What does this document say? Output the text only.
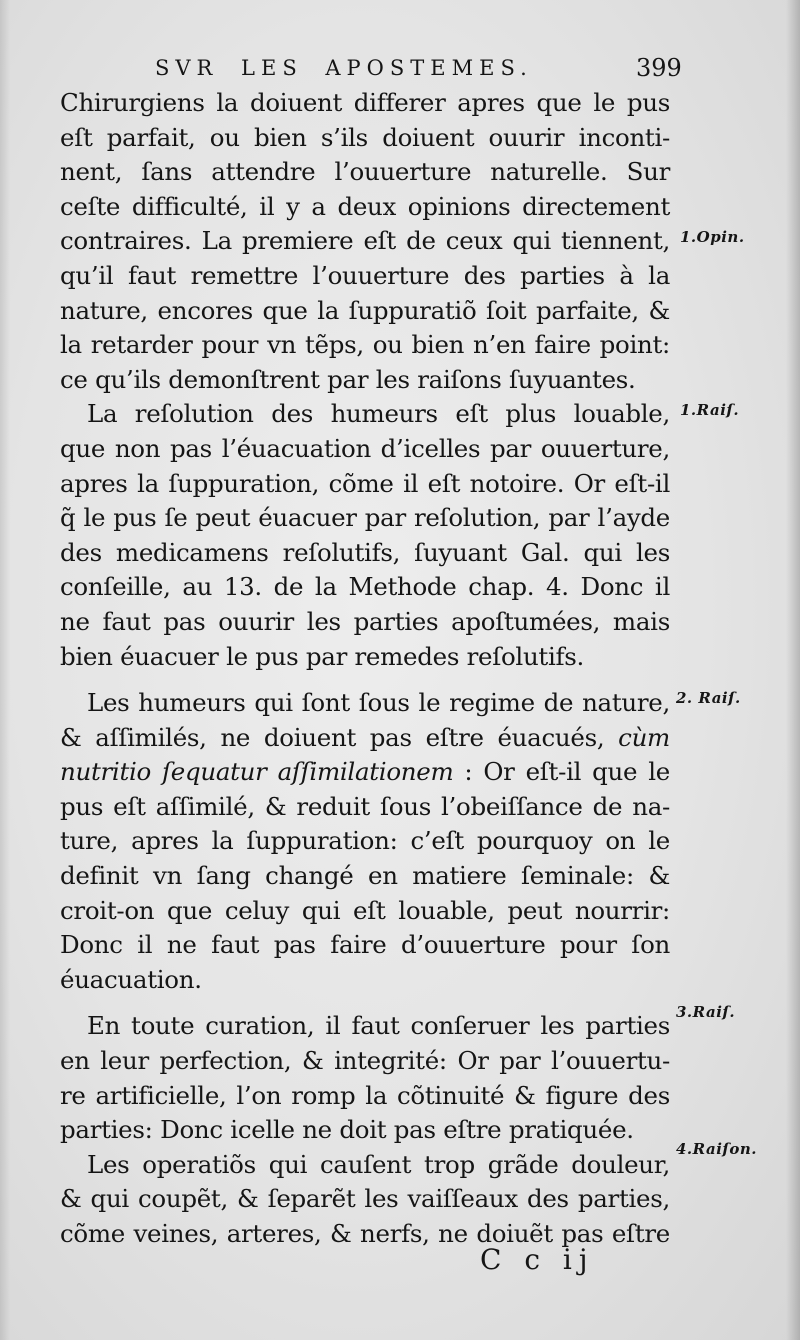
SVR LES APOSTEMES.	399
Chirurgiens la doiuent differer apres que le pus
eſt parfait, ou bien s’ils doiuent ouurir inconti-
nent, ſans attendre l’ouuerture naturelle. Sur
ceſte difficulté, il y a deux opinions directement
contraires. La premiere eſt de ceux qui tiennent,
qu’il faut remettre l’ouuerture des parties à la
nature, encores que la ſuppuratiõ ſoit parfaite, &
la retarder pour vn tẽps, ou bien n’en faire point:
ce qu’ils demonſtrent par les raiſons ſuyuantes.
La reſolution des humeurs eſt plus louable,
que non pas l’éuacuation d’icelles par ouuerture,
apres la ſuppuration, cõme il eſt notoire. Or eſt-il
q̃ le pus ſe peut éuacuer par reſolution, par l’ayde
des medicamens reſolutifs, ſuyuant Gal. qui les
conſeille, au 13. de la Methode chap. 4. Donc il
ne faut pas ouurir les parties apoſtumées, mais
bien éuacuer le pus par remedes reſolutifs.
Les humeurs qui ſont ſous le regime de nature,
& aſſimilés, ne doiuent pas eſtre éuacués, cùm
nutritio ſequatur aſſimilationem : Or eſt-il que le
pus eſt aſſimilé, & reduit ſous l’obeiſſance de na-
ture, apres la ſuppuration: c’eſt pourquoy on le
definit vn ſang changé en matiere ſeminale: &
croit-on que celuy qui eſt louable, peut nourrir:
Donc il ne faut pas faire d’ouuerture pour ſon
éuacuation.
En toute curation, il faut conſeruer les parties
en leur perfection, & integrité: Or par l’ouuertu-
re artificielle, l’on romp la cõtinuité & figure des
parties: Donc icelle ne doit pas eſtre pratiquée.
Les operatiõs qui cauſent trop grãde douleur,
& qui coupẽt, & ſeparẽt les vaiſſeaux des parties,
cõme veines, arteres, & nerfs, ne doiuẽt pas eſtre
1.Opin.
1.Raiſ.
2. Raiſ.
3.Raiſ.
4.Raiſon.
C c ij
